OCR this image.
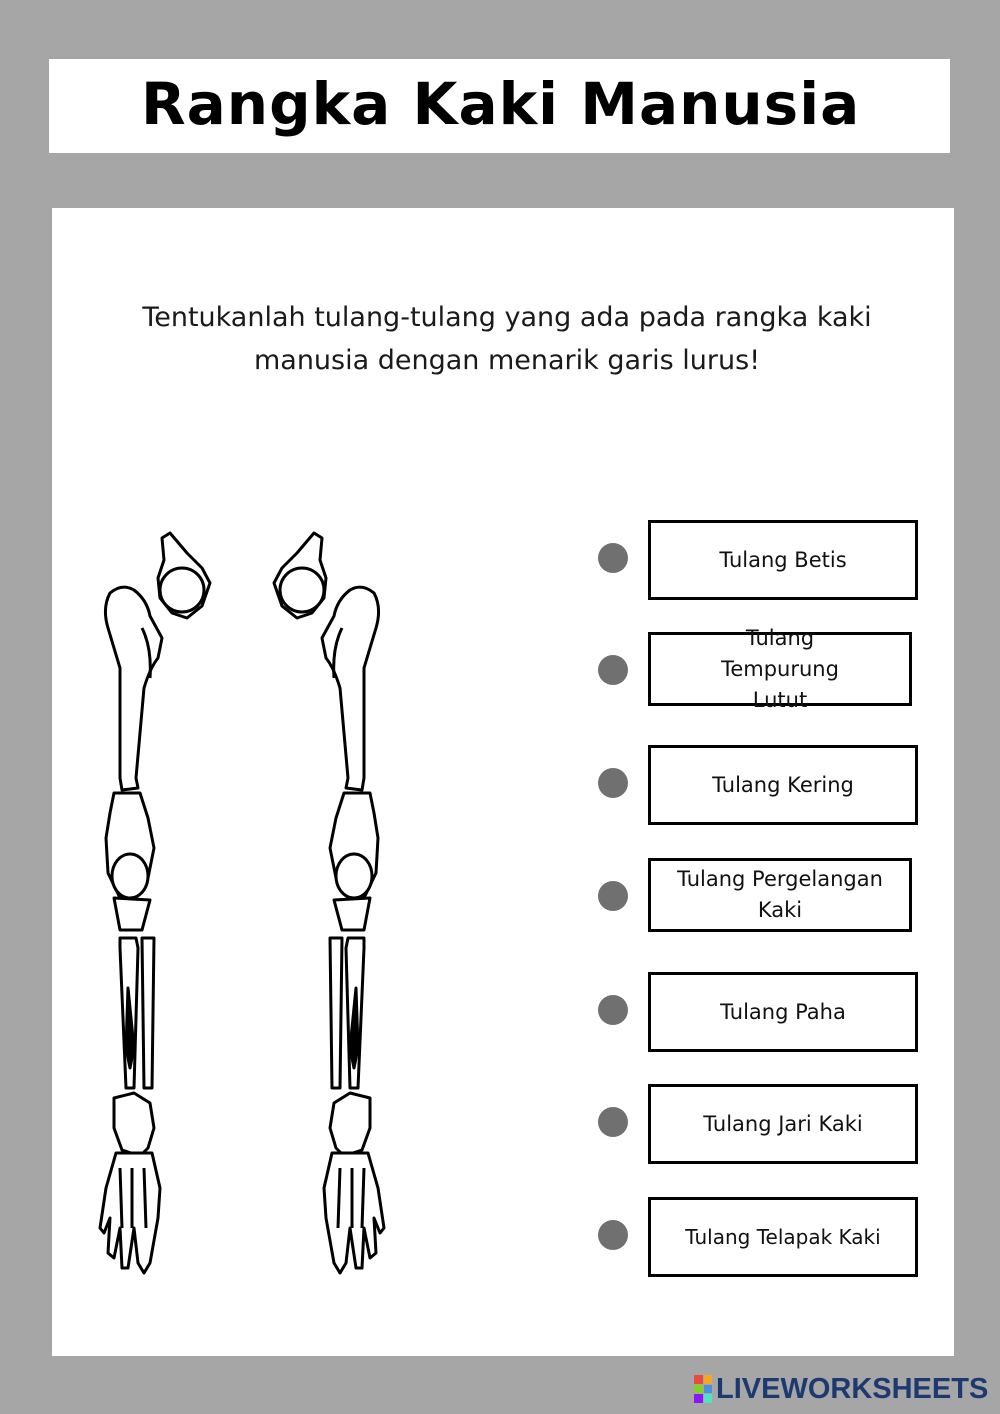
Rangka Kaki Manusia
Tentukanlah tulang-tulang yang ada pada rangka kaki manusia dengan menarik garis lurus!
Tulang Betis
Tulang Tempurung Lutut
Tulang Kering
Tulang Pergelangan Kaki
Tulang Paha
Tulang Jari Kaki
Tulang Telapak Kaki
LIVEWORKSHEETS
